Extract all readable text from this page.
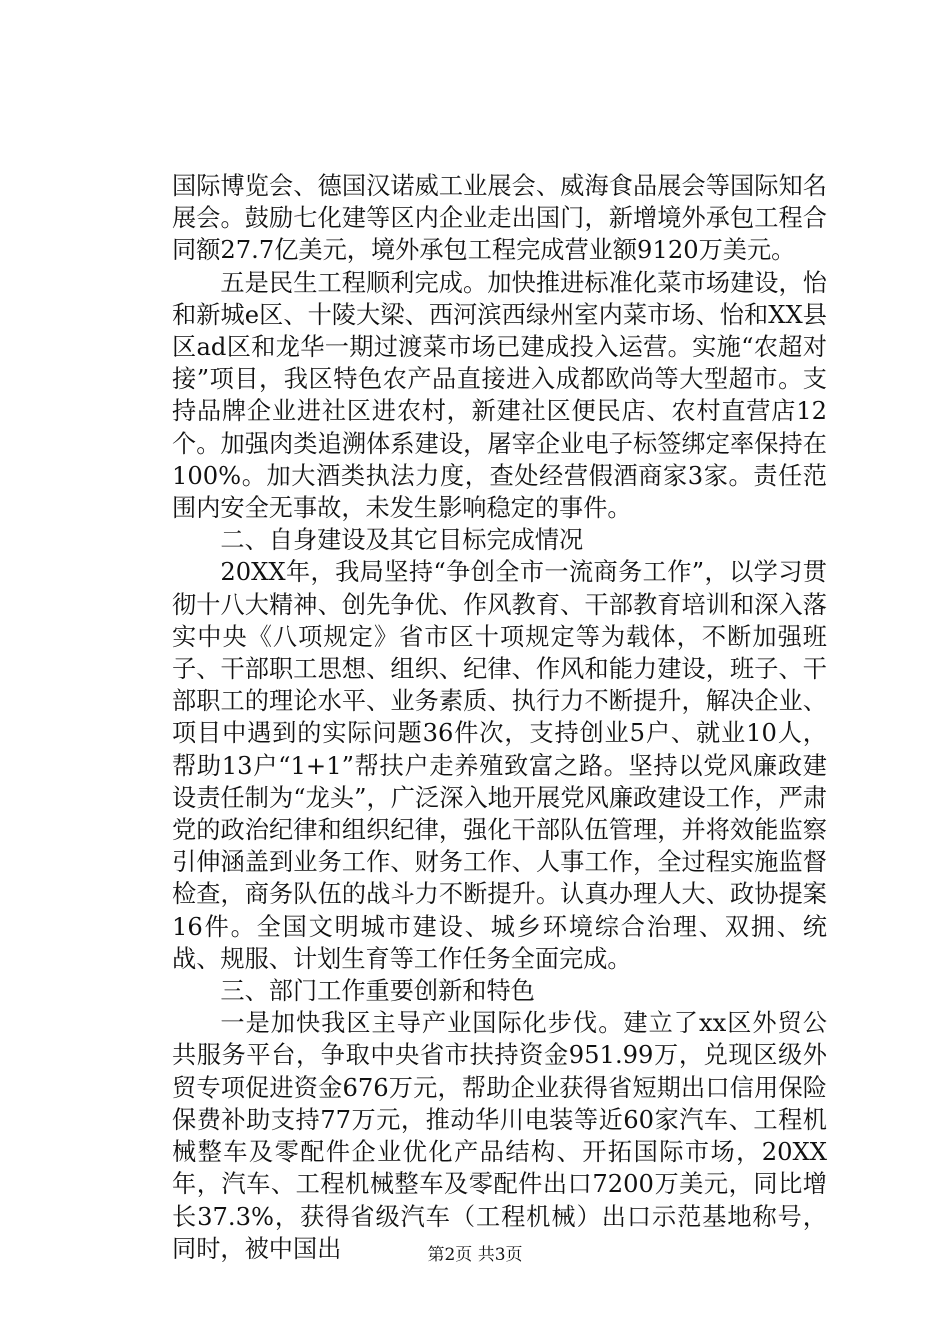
国际博览会、德国汉诺威工业展会、威海食品展会等国际知名展会。鼓励七化建等区内企业走出国门，新增境外承包工程合同额27.7亿美元，境外承包工程完成营业额9120万美元。

五是民生工程顺利完成。加快推进标准化菜市场建设，怡和新城e区、十陵大梁、西河滨西绿州室内菜市场、怡和XX县区ad区和龙华一期过渡菜市场已建成投入运营。实施“农超对接”项目，我区特色农产品直接进入成都欧尚等大型超市。支持品牌企业进社区进农村，新建社区便民店、农村直营店12个。加强肉类追溯体系建设，屠宰企业电子标签绑定率保持在100%。加大酒类执法力度，查处经营假酒商家3家。责任范围内安全无事故，未发生影响稳定的事件。

二、自身建设及其它目标完成情况

20XX年，我局坚持“争创全市一流商务工作”，以学习贯彻十八大精神、创先争优、作风教育、干部教育培训和深入落实中央《八项规定》省市区十项规定等为载体，不断加强班子、干部职工思想、组织、纪律、作风和能力建设，班子、干部职工的理论水平、业务素质、执行力不断提升，解决企业、项目中遇到的实际问题36件次，支持创业5户、就业10人，帮助13户“1+1”帮扶户走养殖致富之路。坚持以党风廉政建设责任制为“龙头”，广泛深入地开展党风廉政建设工作，严肃党的政治纪律和组织纪律，强化干部队伍管理，并将效能监察引伸涵盖到业务工作、财务工作、人事工作，全过程实施监督检查，商务队伍的战斗力不断提升。认真办理人大、政协提案16件。全国文明城市建设、城乡环境综合治理、双拥、统战、规服、计划生育等工作任务全面完成。

三、部门工作重要创新和特色

一是加快我区主导产业国际化步伐。建立了xx区外贸公共服务平台，争取中央省市扶持资金951.99万，兑现区级外贸专项促进资金676万元，帮助企业获得省短期出口信用保险保费补助支持77万元，推动华川电装等近60家汽车、工程机械整车及零配件企业优化产品结构、开拓国际市场，20XX年，汽车、工程机械整车及零配件出口7200万美元，同比增长37.3%，获得省级汽车（工程机械）出口示范基地称号，同时，被中国出	第2页 共3页
